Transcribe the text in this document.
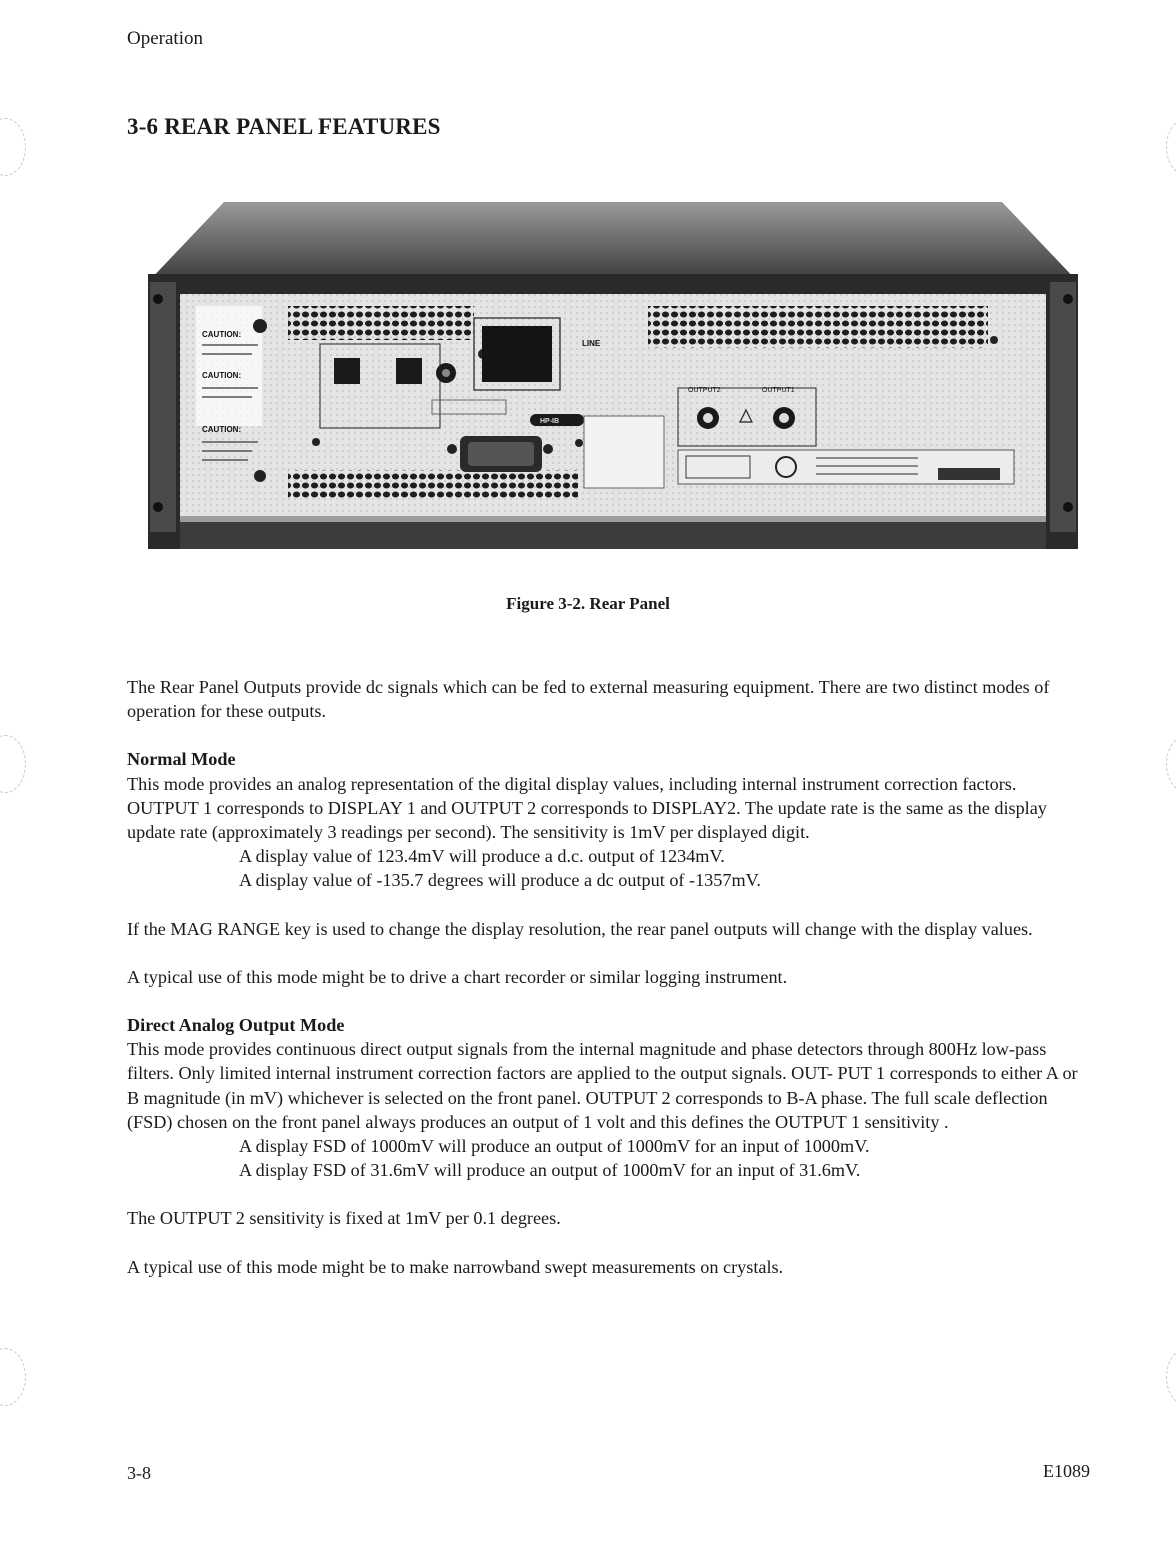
Operation
3-6 REAR PANEL FEATURES
CAUTION:
CAUTION:
CAUTION:
LINE
HP-IB
OUTPUT2	OUTPUT1
Figure 3-2. Rear Panel

The Rear Panel Outputs provide dc signals which can be fed to external measuring equipment. There are two distinct modes of operation for these outputs.

Normal Mode

This mode provides an analog representation of the digital display values, including internal instrument correction factors. OUTPUT 1 corresponds to DISPLAY 1 and OUTPUT 2 corresponds to DISPLAY2. The update rate is the same as the display update rate (approximately 3 readings per second). The sensitivity is 1mV per displayed digit.

A display value of 123.4mV will produce a d.c. output of 1234mV.

A display value of -135.7 degrees will produce a dc output of -1357mV.

If the MAG RANGE key is used to change the display resolution, the rear panel outputs will change with the display values.

A typical use of this mode might be to drive a chart recorder or similar logging instrument.

Direct Analog Output Mode

This mode provides continuous direct output signals from the internal magnitude and phase detectors through 800Hz low-pass filters. Only limited internal instrument correction factors are applied to the output signals. OUT- PUT 1 corresponds to either A or B magnitude (in mV) whichever is selected on the front panel. OUTPUT 2 corresponds to B-A phase. The full scale deflection (FSD) chosen on the front panel always produces an output of 1 volt and this defines the OUTPUT 1 sensitivity .

A display FSD of 1000mV will produce an output of 1000mV for an input of 1000mV.

A display FSD of 31.6mV will produce an output of 1000mV for an input of 31.6mV.

The OUTPUT 2 sensitivity is fixed at 1mV per 0.1 degrees.

A typical use of this mode might be to make narrowband swept measurements on crystals.

3-8	E1089
